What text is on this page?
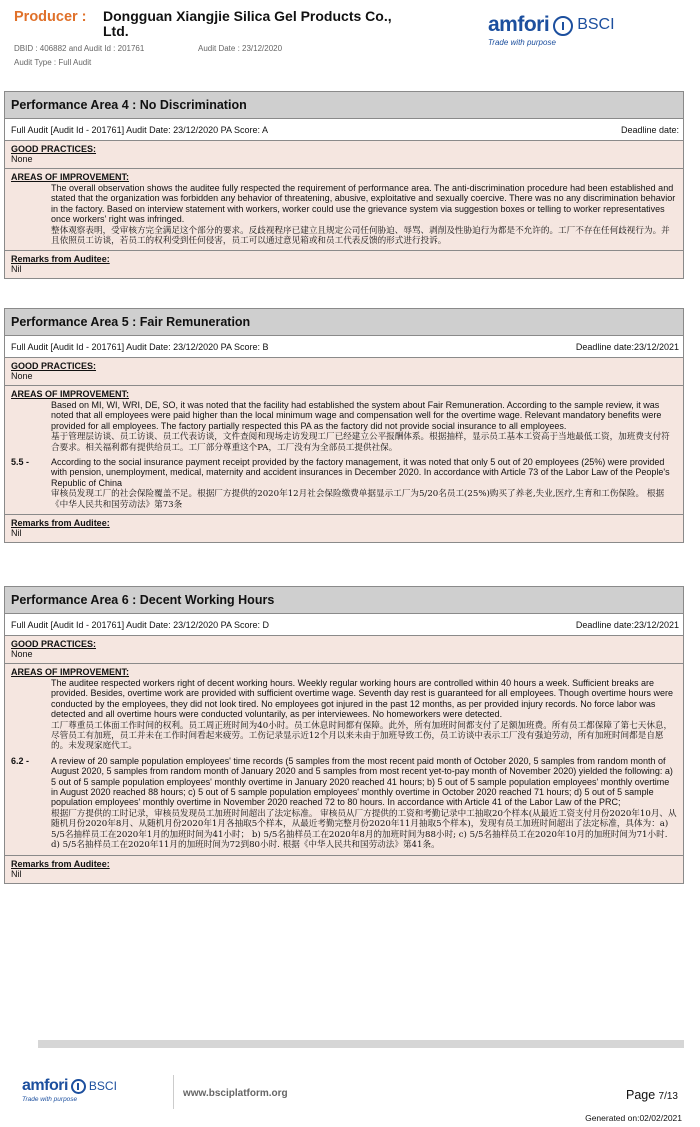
Producer : Dongguan Xiangjie Silica Gel Products Co., Ltd.
DBID : 406882 and Audit Id : 201761	Audit Date : 23/12/2020
Audit Type : Full Audit
amfori BSCI
Trade with purpose
Performance Area 4 : No Discrimination
Full Audit [Audit Id - 201761] Audit Date: 23/12/2020 PA Score: A	Deadline date:
GOOD PRACTICES:
None
AREAS OF IMPROVEMENT:
The overall observation shows the auditee fully respected the requirement of performance area. The anti-discrimination procedure had been established and stated that the organization was forbidden any behavior of threatening, abusive, exploitative and sexually coercive. There was no any discrimination behavior in the factory. Based on interview statement with workers, worker could use the grievance system via suggestion boxes or telling to worker representatives once workers' right was infringed.
整体观察表明，受审核方完全满足这个部分的要求。反歧视程序已建立且规定公司任何胁迫、辱骂、剥削及性胁迫行为都是不允许的。工厂不存在任何歧视行为。并且依照员工访谈，若员工的权利受到任何侵害，员工可以通过意见箱或和员工代表反馈的形式进行投诉。
Remarks from Auditee:
Nil
Performance Area 5 : Fair Remuneration
Full Audit [Audit Id - 201761] Audit Date: 23/12/2020 PA Score: B	Deadline date:23/12/2021
GOOD PRACTICES:
None
AREAS OF IMPROVEMENT:
Based on MI, WI, WRI, DE, SO, it was noted that the facility had established the system about Fair Remuneration. According to the sample review, it was noted that all employees were paid higher than the local minimum wage and compensation well for the overtime wage. Relevant mandatory benefits were provided for all employees. The factory partially respected this PA as the factory did not provide social insurance to all employees.
基于管理层访谈、员工访谈、员工代表访谈，文件查阅和现场走访发现工厂已经建立公平报酬体系。根据抽样，显示员工基本工资高于当地最低工资，加班费支付符合要求。相关福利都有提供给员工。工厂部分尊重这个PA，工厂没有为全部员工提供社保。
5.5 -	According to the social insurance payment receipt provided by the factory management, it was noted that only 5 out of 20 employees (25%) were provided with pension, unemployment, medical, maternity and accident insurances in December 2020. In accordance with Article 73 of the Labor Law of the People's Republic of China
审核员发现工厂的社会保险覆盖不足。根据厂方提供的2020年12月社会保险缴费单据显示工厂为5/20名员工(25%)购买了养老,失业,医疗,生育和工伤保险。 根据《中华人民共和国劳动法》第73条
Remarks from Auditee:
Nil
Performance Area 6 : Decent Working Hours
Full Audit [Audit Id - 201761] Audit Date: 23/12/2020 PA Score: D	Deadline date:23/12/2021
GOOD PRACTICES:
None
AREAS OF IMPROVEMENT:
The auditee respected workers right of decent working hours. Weekly regular working hours are controlled within 40 hours a week. Sufficient breaks are provided. Besides, overtime work are provided with sufficient overtime wage. Seventh day rest is guaranteed for all employees. Though overtime hours were conducted by the employees, they did not look tired. No employees got injured in the past 12 months, as per provided injury records. No force labor was detected and all overtime hours were conducted voluntarily, as per interviewees. No homeworkers were detected.
工厂尊重员工体面工作时间的权利。员工周正班时间为40小时。员工休息时间都有保障。此外，所有加班时间都支付了足额加班费。所有员工都保障了第七天休息，尽管员工有加班，员工并未在工作时间看起来疲劳。工伤记录显示近12个月以来未由于加班导致工伤，员工访谈中表示工厂没有强迫劳动，所有加班时间都是自愿的。未发现家庭代工。
6.2 -	A review of 20 sample population employees' time records (5 samples from the most recent paid month of October 2020, 5 samples from random month of August 2020, 5 samples from random month of January 2020 and 5 samples from most recent yet-to-pay month of November 2020) yielded the following: a) 5 out of 5 sample population employees' monthly overtime in January 2020 reached 41 hours; b) 5 out of 5 sample population employees' monthly overtime in August 2020 reached 88 hours; c) 5 out of 5 sample population employees' monthly overtime in October 2020 reached 71 hours; d) 5 out of 5 sample population employees' monthly overtime in November 2020 reached 72 to 80 hours. In accordance with Article 41 of the Labor Law of the PRC;
根据厂方提供的工时记录，审核员发现员工加班时间超出了法定标准。 审核员从厂方提供的工资和考勤记录中工抽取20个样本(从最近工资支付月份2020年10月、从随机月份2020年8月、从随机月份2020年1月各抽取5个样本，从最近考勤完整月份2020年11月抽取5个样本)，发现有员工加班时间超出了法定标准，具体为：a) 5/5名抽样员工在2020年1月的加班时间为41小时； b) 5/5名抽样员工在2020年8月的加班时间为88小时; c) 5/5名抽样员工在2020年10月的加班时间为71小时. d) 5/5名抽样员工在2020年11月的加班时间为72到80小时. 根据《中华人民共和国劳动法》第41条。
Remarks from Auditee:
Nil
amfori BSCI
Trade with purpose
www.bsciplatform.org	Page 7/13
Generated on:02/02/2021
